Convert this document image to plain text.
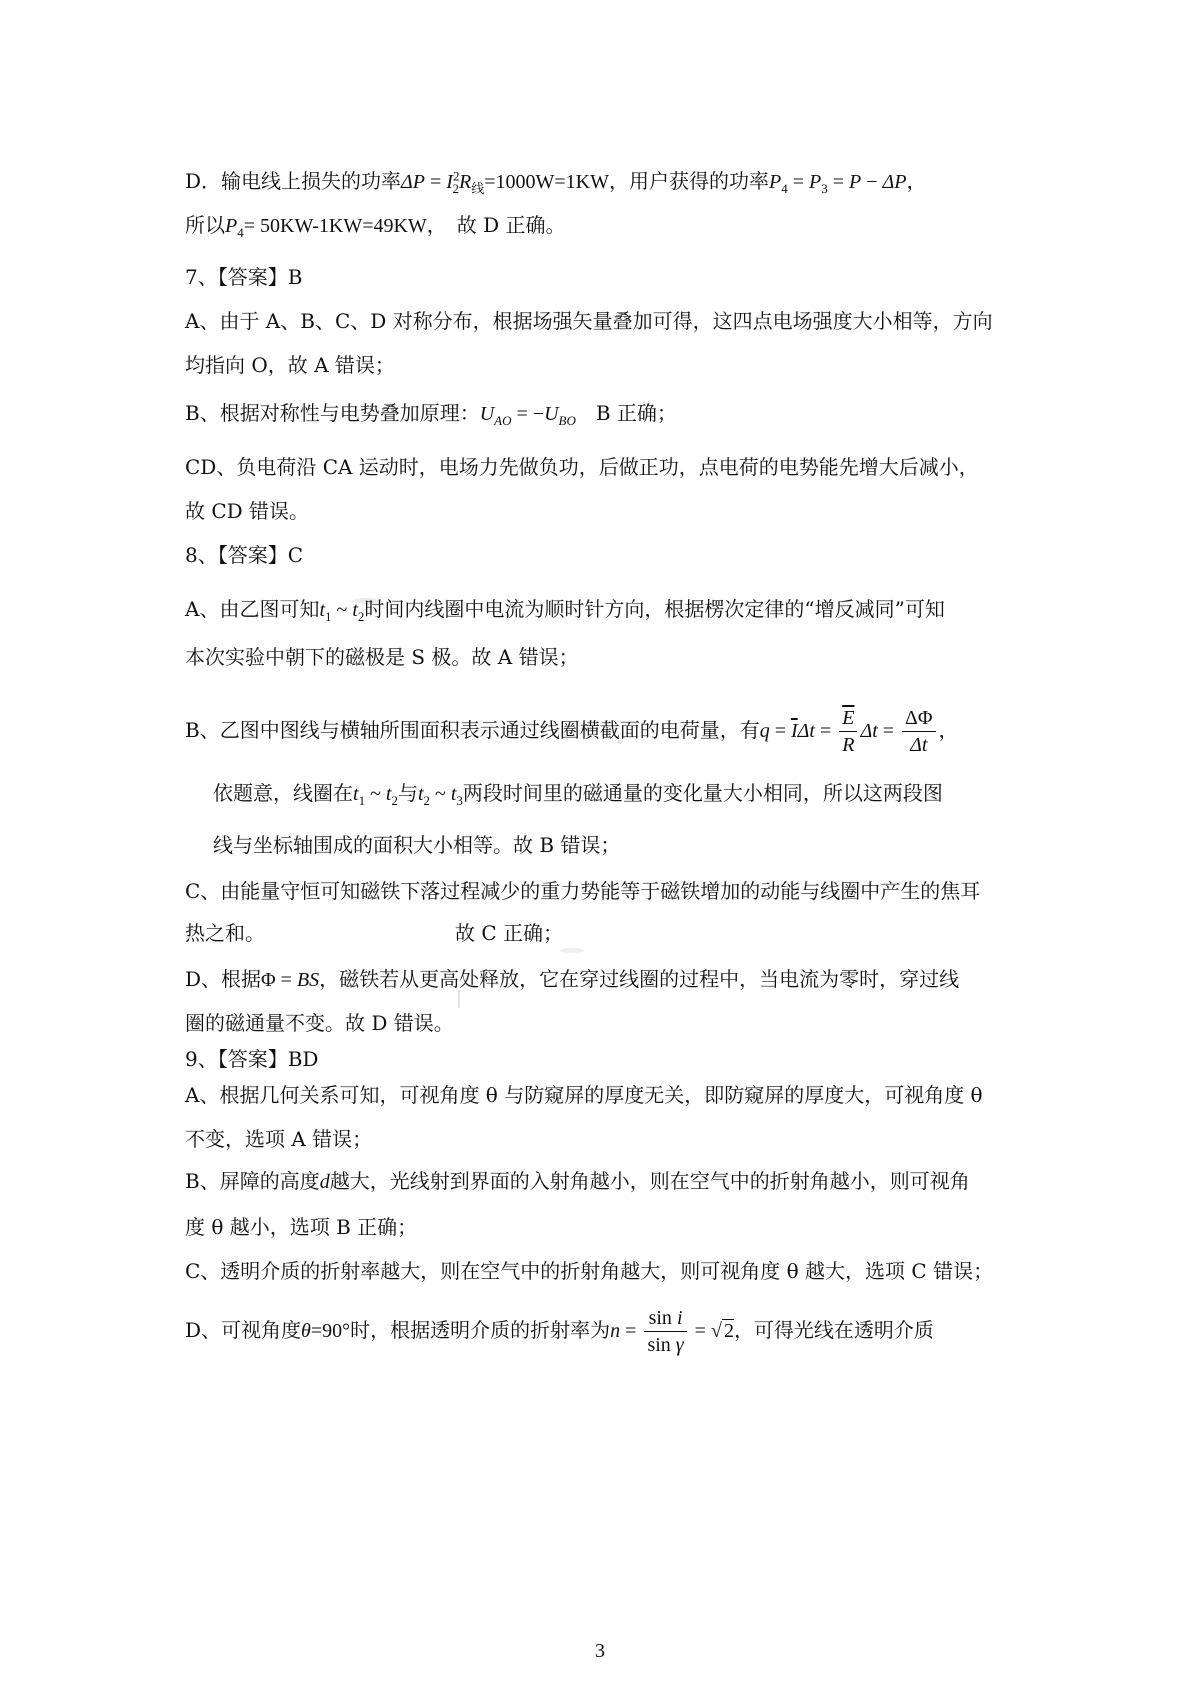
D．输电线上损失的功率$\Delta P = I^2_2R_线=1000W=1KW$，用户获得的功率$P_4 = P_3 = P - \Delta P$，
所以$P_4= 50KW-1KW=49KW$，　故 D 正确。
7、【答案】B
A、由于 A、B、C、D 对称分布，根据场强矢量叠加可得，这四点电场强度大小相等，方向
均指向 O，故 A 错误；
B、根据对称性与电势叠加原理：$U_{AO} = -U_{BO}$　 B 正确；
CD、负电荷沿 CA 运动时，电场力先做负功，后做正功，点电荷的电势能先增大后减小，
故 CD 错误。
8、【答案】C
A、由乙图可知$t_1$ ~ $t_2$时间内线圈中电流为顺时针方向，根据楞次定律的“增反减同”可知
本次实验中朝下的磁极是 S 极。故 A 错误；
B、乙图中图线与横轴所围面积表示通过线圈横截面的电荷量，有$q = \overline{I}\Delta t = \frac{\overline{E}}{R}$ $\Delta t = \frac{\Delta\Phi}{\Delta t}$ ，
依题意，线圈在$t_1$ ~ $t_2$与$t_2$ ~ $t_3$两段时间里的磁通量的变化量大小相同，所以这两段图
线与坐标轴围成的面积大小相等。故 B 错误；
C、由能量守恒可知磁铁下落过程减少的重力势能等于磁铁增加的动能与线圈中产生的焦耳
热之和。	故 C 正确；
D、根据Φ = BS，磁铁若从更高处释放，它在穿过线圈的过程中，当电流为零时，穿过线
圈的磁通量不变。故 D 错误。
9、【答案】BD
A、根据几何关系可知，可视角度 θ 与防窥屏的厚度无关，即防窥屏的厚度大，可视角度 θ
不变，选项 A 错误；
B、屏障的高度d越大，光线射到界面的入射角越小，则在空气中的折射角越小，则可视角
度 θ 越小，选项 B 正确；
C、透明介质的折射率越大，则在空气中的折射角越大，则可视角度 θ 越大，选项 C 错误；
D、可视角度θ=90°时，根据透明介质的折射率为$n = \frac{\text{sin i}}{\text{sin γ}}$ = √ 2，可得光线在透明介质
3
